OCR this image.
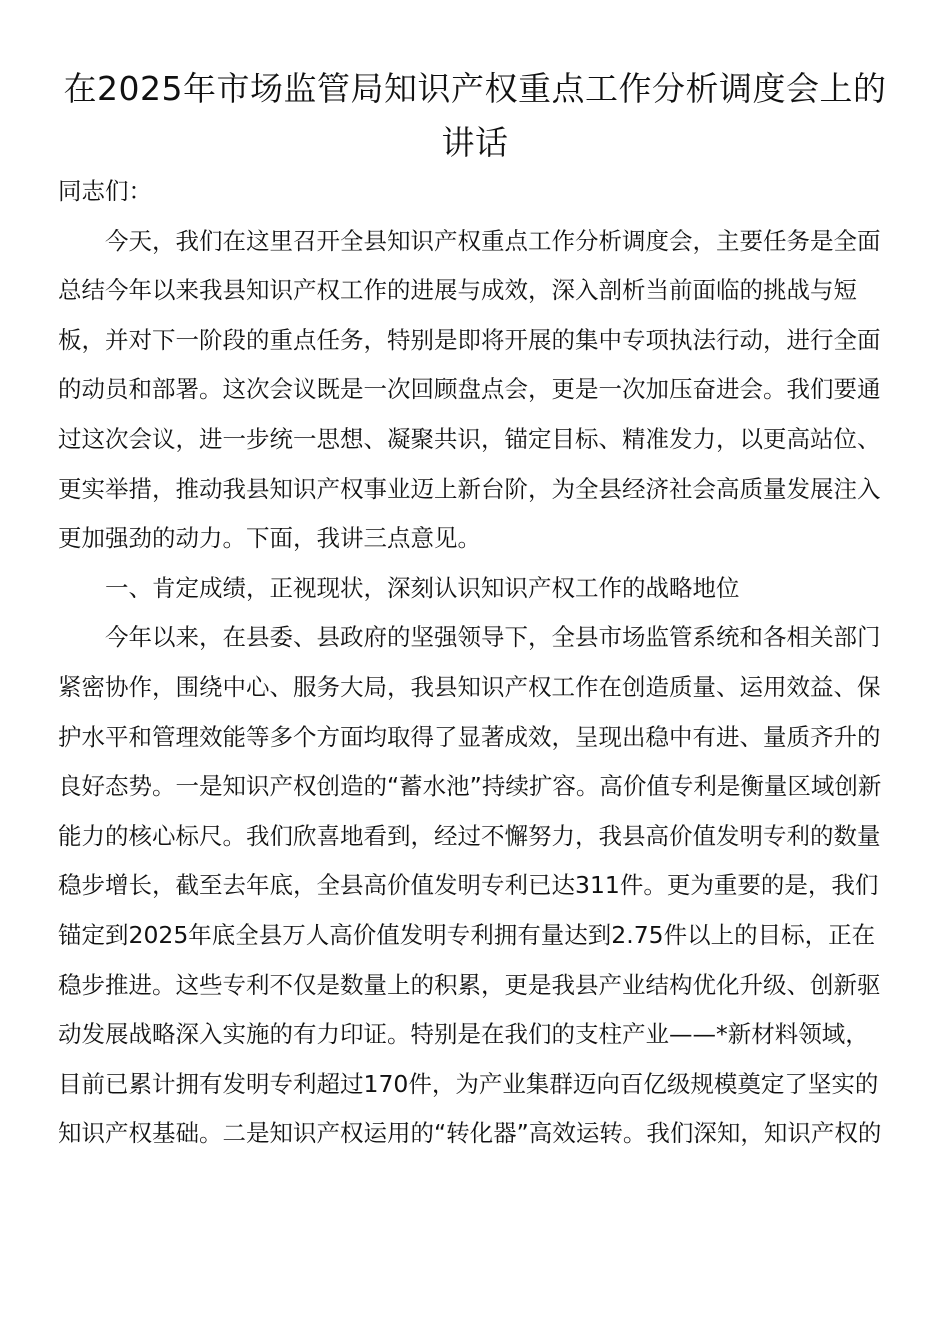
在2025年市场监管局知识产权重点工作分析调度会上的讲话

同志们：

今天，我们在这里召开全县知识产权重点工作分析调度会，主要任务是全面总结今年以来我县知识产权工作的进展与成效，深入剖析当前面临的挑战与短板，并对下一阶段的重点任务，特别是即将开展的集中专项执法行动，进行全面的动员和部署。这次会议既是一次回顾盘点会，更是一次加压奋进会。我们要通过这次会议，进一步统一思想、凝聚共识，锚定目标、精准发力，以更高站位、更实举措，推动我县知识产权事业迈上新台阶，为全县经济社会高质量发展注入更加强劲的动力。下面，我讲三点意见。

一、肯定成绩，正视现状，深刻认识知识产权工作的战略地位

今年以来，在县委、县政府的坚强领导下，全县市场监管系统和各相关部门紧密协作，围绕中心、服务大局，我县知识产权工作在创造质量、运用效益、保护水平和管理效能等多个方面均取得了显著成效，呈现出稳中有进、量质齐升的良好态势。一是知识产权创造的“蓄水池”持续扩容。高价值专利是衡量区域创新能力的核心标尺。我们欣喜地看到，经过不懈努力，我县高价值发明专利的数量稳步增长，截至去年底，全县高价值发明专利已达311件。更为重要的是，我们锚定到2025年底全县万人高价值发明专利拥有量达到2.75件以上的目标，正在稳步推进。这些专利不仅是数量上的积累，更是我县产业结构优化升级、创新驱动发展战略深入实施的有力印证。特别是在我们的支柱产业——*新材料领域，目前已累计拥有发明专利超过170件，为产业集群迈向百亿级规模奠定了坚实的知识产权基础。二是知识产权运用的“转化器”高效运转。我们深知，知识产权的
